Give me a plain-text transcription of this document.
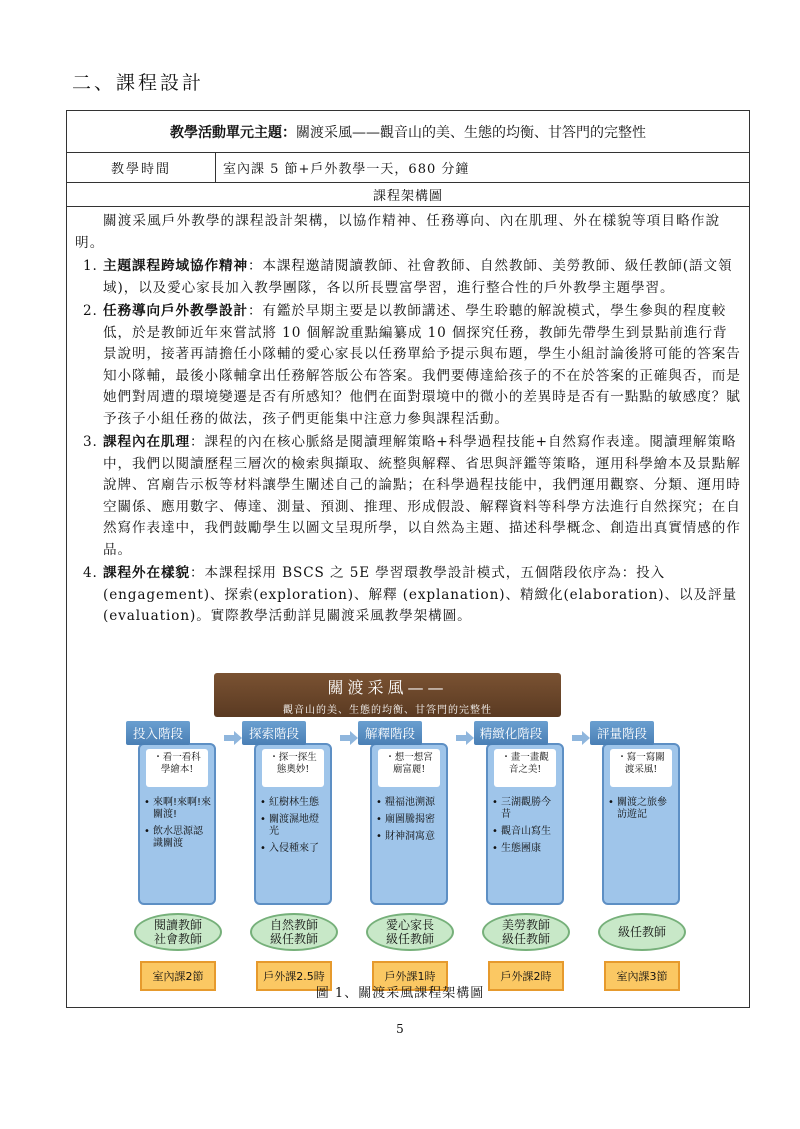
二、課程設計
教學活動單元主題： 關渡采風——觀音山的美、生態的均衡、甘答門的完整性
教學時間	室內課 5 節+戶外教學一天，680 分鐘
課程架構圖

關渡采風戶外教學的課程設計架構，以協作精神、任務導向、內在肌理、外在樣貌等項目略作說明。

1. 主題課程跨域協作精神：本課程邀請閱讀教師、社會教師、自然教師、美勞教師、級任教師(語文領域)，以及愛心家長加入教學團隊，各以所長豐富學習，進行整合性的戶外教學主題學習。

2. 任務導向戶外教學設計：有鑑於早期主要是以教師講述、學生聆聽的解說模式，學生參與的程度較低，於是教師近年來嘗試將 10 個解說重點編纂成 10 個探究任務，教師先帶學生到景點前進行背景說明，接著再請擔任小隊輔的愛心家長以任務單給予提示與布題，學生小組討論後將可能的答案告知小隊輔，最後小隊輔拿出任務解答版公布答案。我們要傳達給孩子的不在於答案的正確與否，而是她們對周遭的環境變遷是否有所感知？他們在面對環境中的微小的差異時是否有一點點的敏感度？賦予孩子小組任務的做法，孩子們更能集中注意力參與課程活動。

3. 課程內在肌理：課程的內在核心脈絡是閱讀理解策略+科學過程技能+自然寫作表達。閱讀理解策略中，我們以閱讀歷程三層次的檢索與擷取、統整與解釋、省思與評鑑等策略，運用科學繪本及景點解說牌、宮廟告示板等材料讓學生闡述自己的論點；在科學過程技能中，我們運用觀察、分類、運用時空關係、應用數字、傳達、測量、預測、推理、形成假設、解釋資料等科學方法進行自然探究；在自然寫作表達中，我們鼓勵學生以圖文呈現所學，以自然為主題、描述科學概念、創造出真實情感的作品。

4. 課程外在樣貌：本課程採用 BSCS 之 5E 學習環教學設計模式，五個階段依序為：投入(engagement)、探索(exploration)、解釋 (explanation)、精緻化(elaboration)、以及評量(evaluation)。實際教學活動詳見關渡采風教學架構圖。

關渡采風——
觀音山的美、生態的均衡、甘答門的完整性
・看一看科學繪本!
• 來啊!來啊!來關渡!
• 飲水思源認識關渡
投入階段
閱讀教師
社會教師
室內課2節
・探一探生態奧妙!
• 紅樹林生態
• 關渡濕地燈光
• 入侵種來了
探索階段
自然教師
級任教師
戶外課2.5時
・想一想宮廟富麗!
• 糧福池溯源
• 廟圖騰揭密
• 財神洞寓意
解釋階段
愛心家長
級任教師
戶外課1時
・畫一畫觀音之美!
• 三湖觀勝今昔
• 觀音山寫生
• 生態團康
精緻化階段
美勞教師
級任教師
戶外課2時
・寫一寫關渡采風!
• 關渡之旅參訪遊記
評量階段
級任教師
室內課3節
圖 1、關渡采風課程架構圖
5
